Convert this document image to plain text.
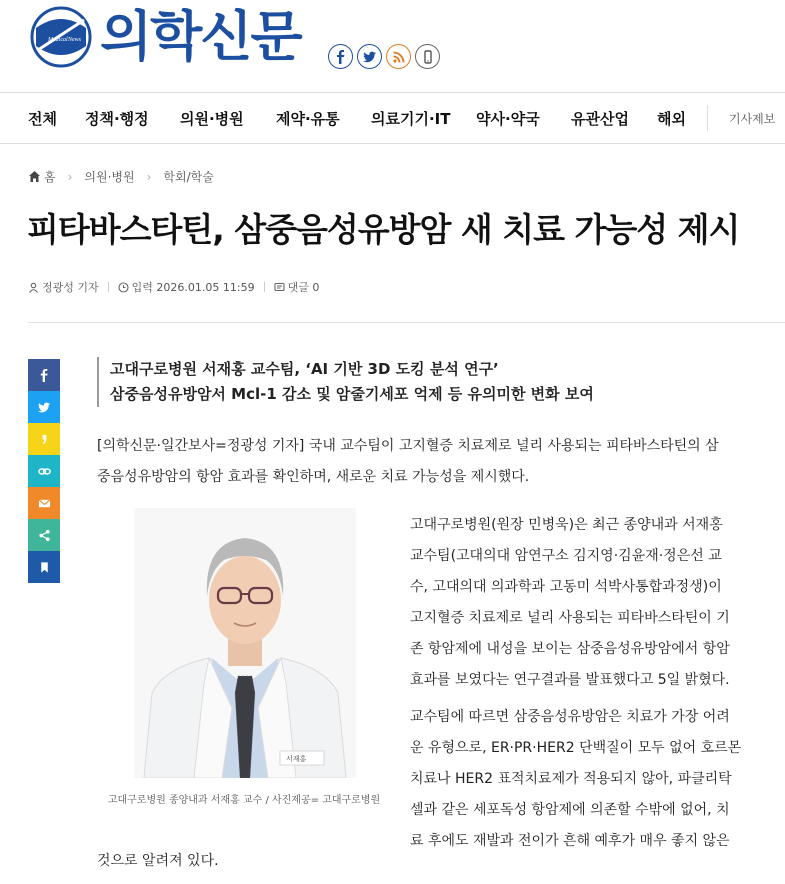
Medical News 의학신문
전체 정책·행정 의원·병원 제약·유통 의료기기·IT 약사·약국 유관산업 해외	기사제보
홈 › 의원·병원 › 학회/학술
피타바스타틴, 삼중음성유방암 새 치료 가능성 제시
정광성 기자	입력 2026.01.05 11:59	댓글 0
고대구로병원 서재홍 교수팀, ‘AI 기반 3D 도킹 분석 연구’
삼중음성유방암서 Mcl-1 감소 및 암줄기세포 억제 등 유의미한 변화 보여
[의학신문·일간보사=정광성 기자] 국내 교수팀이 고지혈증 치료제로 널리 사용되는 피타바스타틴의 삼
중음성유방암의 항암 효과를 확인하며, 새로운 치료 가능성을 제시했다.
서재홍
고대구로병원 종양내과 서재홍 교수 / 사진제공= 고대구로병원
고대구로병원(원장 민병욱)은 최근 종양내과 서재홍
교수팀(고대의대 암연구소 김지영·김윤재·정은선 교
수, 고대의대 의과학과 고동미 석박사통합과정생)이
고지혈증 치료제로 널리 사용되는 피타바스타틴이 기
존 항암제에 내성을 보이는 삼중음성유방암에서 항암
효과를 보였다는 연구결과를 발표했다고 5일 밝혔다.
교수팀에 따르면 삼중음성유방암은 치료가 가장 어려
운 유형으로, ER·PR·HER2 단백질이 모두 없어 호르몬
치료나 HER2 표적치료제가 적용되지 않아, 파클리탁
셀과 같은 세포독성 항암제에 의존할 수밖에 없어, 치
료 후에도 재발과 전이가 흔해 예후가 매우 좋지 않은
것으로 알려져 있다.
